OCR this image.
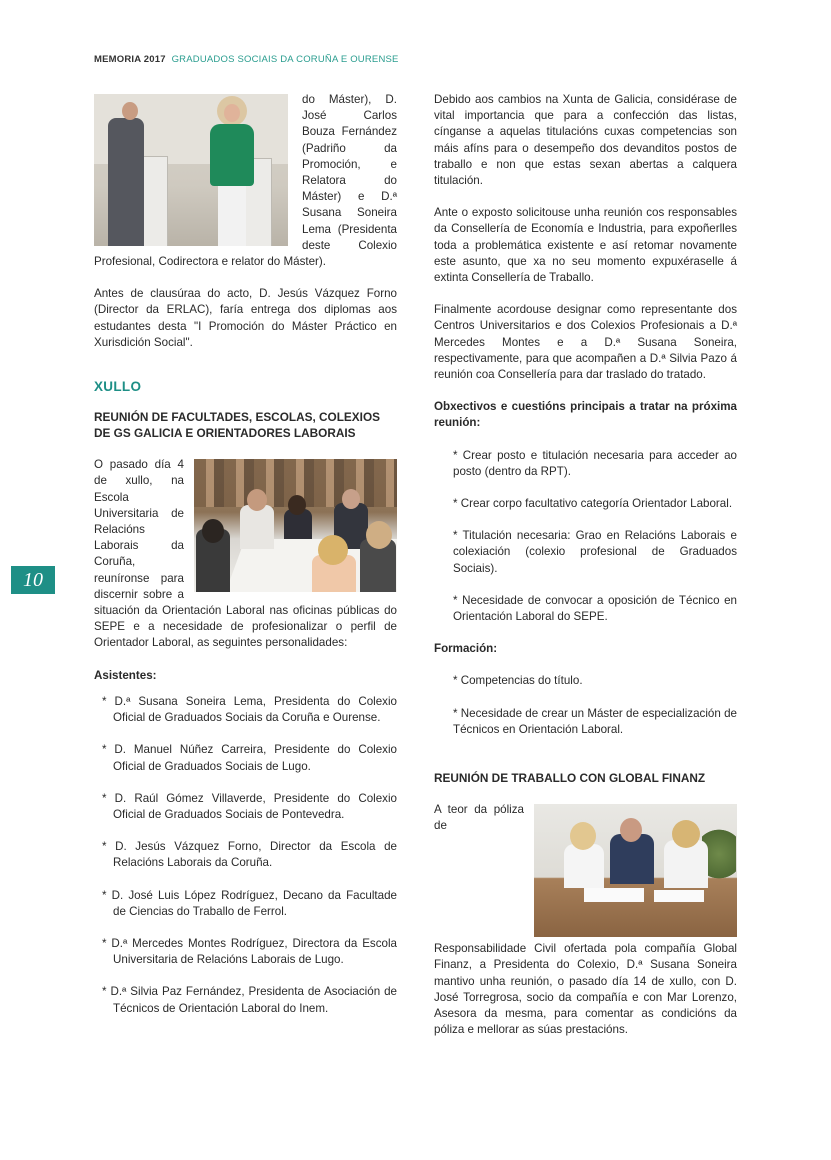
MEMORIA 2017 GRADUADOS SOCIAIS DA CORUÑA E OURENSE
10

do Máster), D. José Carlos Bouza Fernández (Padriño da Promoción, e Relatora do Máster) e D.ª Susana Soneira Lema (Presidenta deste Colexio Profesional, Codirectora e relator do Máster).

Antes de clausúraa do acto, D. Jesús Vázquez Forno (Director da ERLAC), faría entrega dos diplomas aos estudantes desta "I Promoción do Máster Práctico en Xurisdición Social".

XULLO
REUNIÓN DE FACULTADES, ESCOLAS, COLEXIOS DE GS GALICIA E ORIENTADORES LABORAIS

O pasado día 4 de xullo, na Escola Universitaria de Relacións Laborais da Coruña, reuníronse para discernir sobre a situación da Orientación Laboral nas oficinas públicas do SEPE e a necesidade de profesionalizar o perfil de Orientador Laboral, as seguintes personalidades:

Asistentes:
* D.ª Susana Soneira Lema, Presidenta do Colexio Oficial de Graduados Sociais da Coruña e Ourense.
* D. Manuel Núñez Carreira, Presidente do Colexio Oficial de Graduados Sociais de Lugo.
* D. Raúl Gómez Villaverde, Presidente do Colexio Oficial de Graduados Sociais de Pontevedra.
* D. Jesús Vázquez Forno, Director da Escola de Relacións Laborais da Coruña.
* D. José Luis López Rodríguez, Decano da Facultade de Ciencias do Traballo de Ferrol.
* D.ª Mercedes Montes Rodríguez, Directora da Escola Universitaria de Relacións Laborais de Lugo.
* D.ª Silvia Paz Fernández, Presidenta de Asociación de Técnicos de Orientación Laboral do Inem.

Debido aos cambios na Xunta de Galicia, considérase de vital importancia que para a confección das listas, cínganse a aquelas titulacións cuxas competencias son máis afíns para o desempeño dos devanditos postos de traballo e non que estas sexan abertas a calquera titulación.

Ante o exposto solicitouse unha reunión cos responsables da Consellería de Economía e Industria, para expoñerlles toda a problemática existente e así retomar novamente este asunto, que xa no seu momento expuxéraselle á extinta Consellería de Traballo.

Finalmente acordouse designar como representante dos Centros Universitarios e dos Colexios Profesionais a D.ª Mercedes Montes e a D.ª Susana Soneira, respectivamente, para que acompañen a D.ª Silvia Pazo á reunión coa Consellería para dar traslado do tratado.

Obxectivos e cuestións principais a tratar na próxima reunión:
* Crear posto e titulación necesaria para acceder ao posto (dentro da RPT).
* Crear corpo facultativo categoría Orientador Laboral.
* Titulación necesaria: Grao en Relacións Laborais e colexiación (colexio profesional de Graduados Sociais).
* Necesidade de convocar a oposición de Técnico en Orientación Laboral do SEPE.
Formación:
* Competencias do título.
* Necesidade de crear un Máster de especialización de Técnicos en Orientación Laboral.
REUNIÓN DE TRABALLO CON GLOBAL FINANZ

A teor da póliza de Responsabilidade Civil ofertada pola compañía Global Finanz, a Presidenta do Colexio, D.ª Susana Soneira mantivo unha reunión, o pasado día 14 de xullo, con D. José Torregrosa, socio da compañía e con Mar Lorenzo, Asesora da mesma, para comentar as condicións da póliza e mellorar as súas prestacións.
